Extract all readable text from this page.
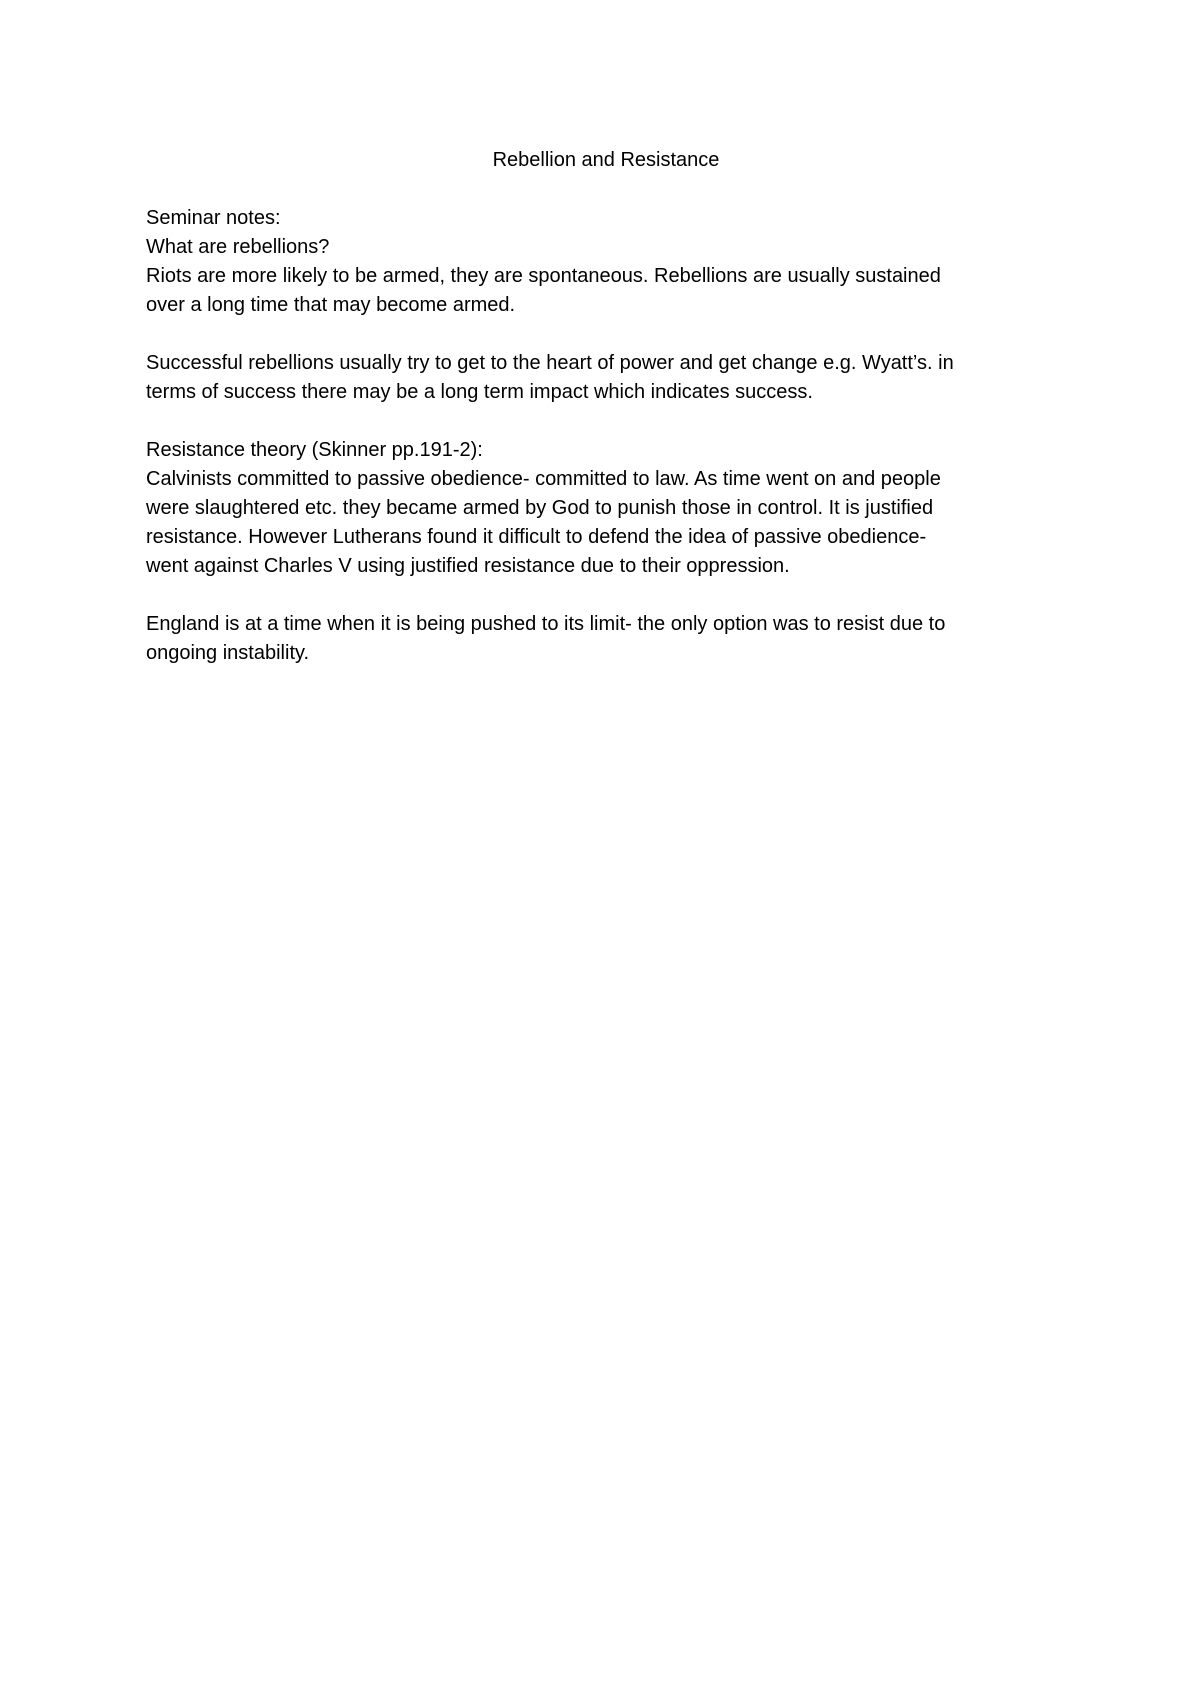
Rebellion and Resistance
Seminar notes:
What are rebellions?
Riots are more likely to be armed, they are spontaneous. Rebellions are usually sustained
over a long time that may become armed.
Successful rebellions usually try to get to the heart of power and get change e.g. Wyatt’s. in
terms of success there may be a long term impact which indicates success.
Resistance theory (Skinner pp.191-2):
Calvinists committed to passive obedience- committed to law. As time went on and people
were slaughtered etc. they became armed by God to punish those in control. It is justified
resistance. However Lutherans found it difficult to defend the idea of passive obedience-
went against Charles V using justified resistance due to their oppression.
England is at a time when it is being pushed to its limit- the only option was to resist due to
ongoing instability.
